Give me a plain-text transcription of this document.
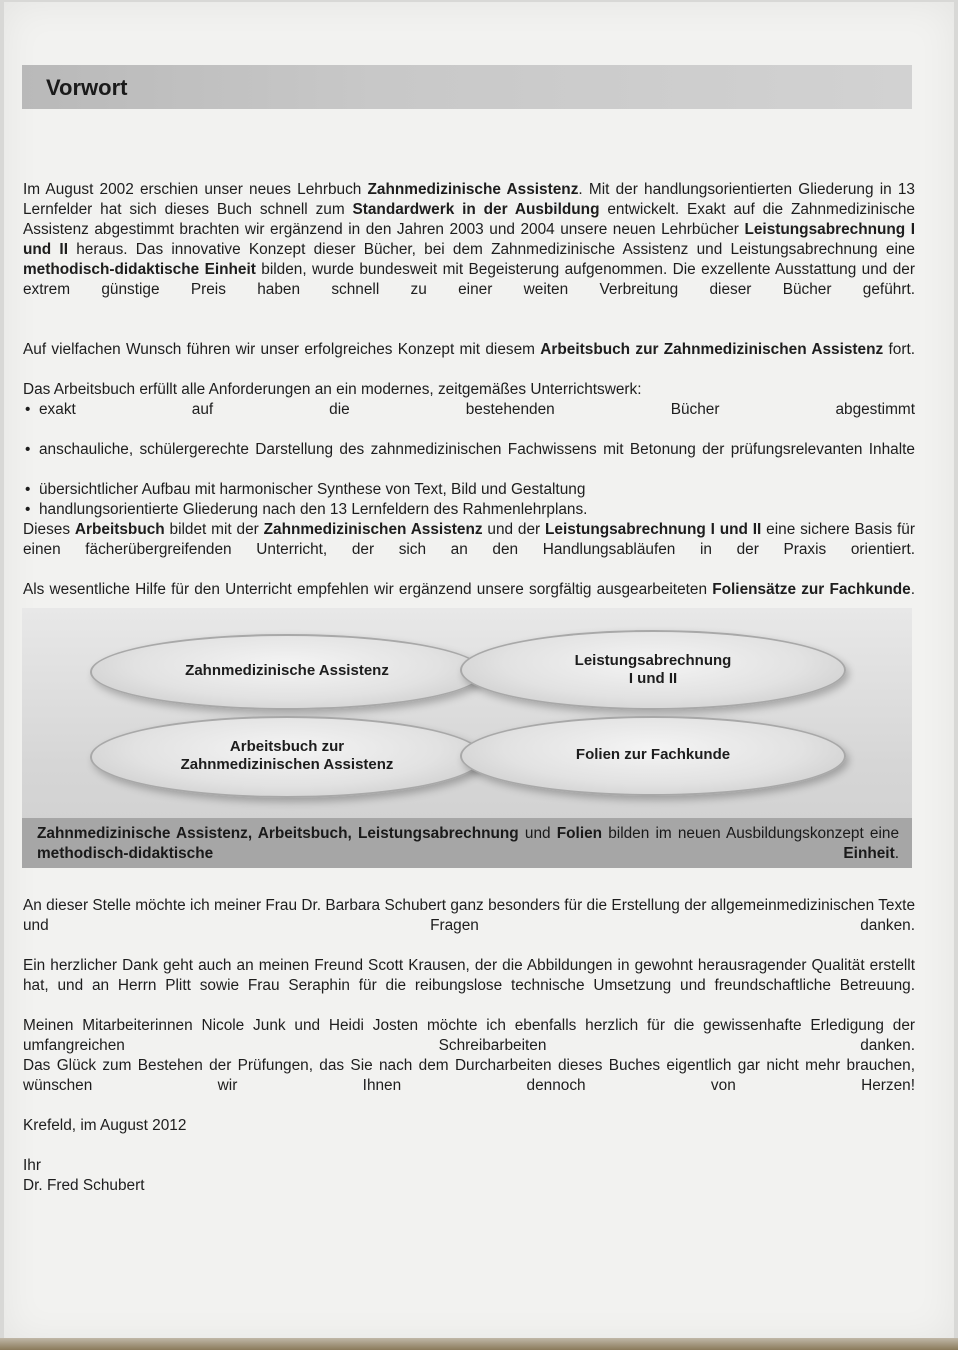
Vorwort

Im August 2002 erschien unser neues Lehrbuch Zahnmedizinische Assistenz. Mit der handlungsorientierten Gliederung in 13 Lernfelder hat sich dieses Buch schnell zum Standardwerk in der Ausbildung entwickelt. Exakt auf die Zahnmedizinische Assistenz abgestimmt brachten wir ergänzend in den Jahren 2003 und 2004 unsere neuen Lehrbücher Leistungsabrechnung I und II heraus. Das innovative Konzept dieser Bücher, bei dem Zahnmedizinische Assistenz und Leistungsabrechnung eine methodisch-didaktische Einheit bilden, wurde bundesweit mit Begeisterung aufgenommen. Die exzellente Ausstattung und der extrem günstige Preis haben schnell zu einer weiten Verbreitung dieser Bücher geführt.

Auf vielfachen Wunsch führen wir unser erfolgreiches Konzept mit diesem Arbeitsbuch zur Zahnmedizinischen Assistenz fort.

Das Arbeitsbuch erfüllt alle Anforderungen an ein modernes, zeitgemäßes Unterrichtswerk:

• exakt auf die bestehenden Bücher abgestimmt
• anschauliche, schülergerechte Darstellung des zahnmedizinischen Fachwissens mit Betonung der prüfungsrelevanten Inhalte
• übersichtlicher Aufbau mit harmonischer Synthese von Text, Bild und Gestaltung
• handlungsorientierte Gliederung nach den 13 Lernfeldern des Rahmenlehrplans.

Dieses Arbeitsbuch bildet mit der Zahnmedizinischen Assistenz und der Leistungsabrechnung I und II eine sichere Basis für einen fächerübergreifenden Unterricht, der sich an den Handlungsabläufen in der Praxis orientiert.

Als wesentliche Hilfe für den Unterricht empfehlen wir ergänzend unsere sorgfältig ausgearbeiteten Foliensätze zur Fachkunde.

Zahnmedizinische Assistenz
Leistungsabrechnung
I und II
Arbeitsbuch zur
Zahnmedizinischen Assistenz
Folien zur Fachkunde
Zahnmedizinische Assistenz, Arbeitsbuch, Leistungsabrechnung und Folien bilden im neuen Ausbildungskonzept eine methodisch-didaktische Einheit.

An dieser Stelle möchte ich meiner Frau Dr. Barbara Schubert ganz besonders für die Erstellung der allgemeinmedizinischen Texte und Fragen danken.

Ein herzlicher Dank geht auch an meinen Freund Scott Krausen, der die Abbildungen in gewohnt herausragender Qualität erstellt hat, und an Herrn Plitt sowie Frau Seraphin für die reibungslose technische Umsetzung und freundschaftliche Betreuung.

Meinen Mitarbeiterinnen Nicole Junk und Heidi Josten möchte ich ebenfalls herzlich für die gewissenhafte Erledigung der umfangreichen Schreibarbeiten danken.

Das Glück zum Bestehen der Prüfungen, das Sie nach dem Durcharbeiten dieses Buches eigentlich gar nicht mehr brauchen, wünschen wir Ihnen dennoch von Herzen!

Krefeld, im August 2012

Ihr

Dr. Fred Schubert
